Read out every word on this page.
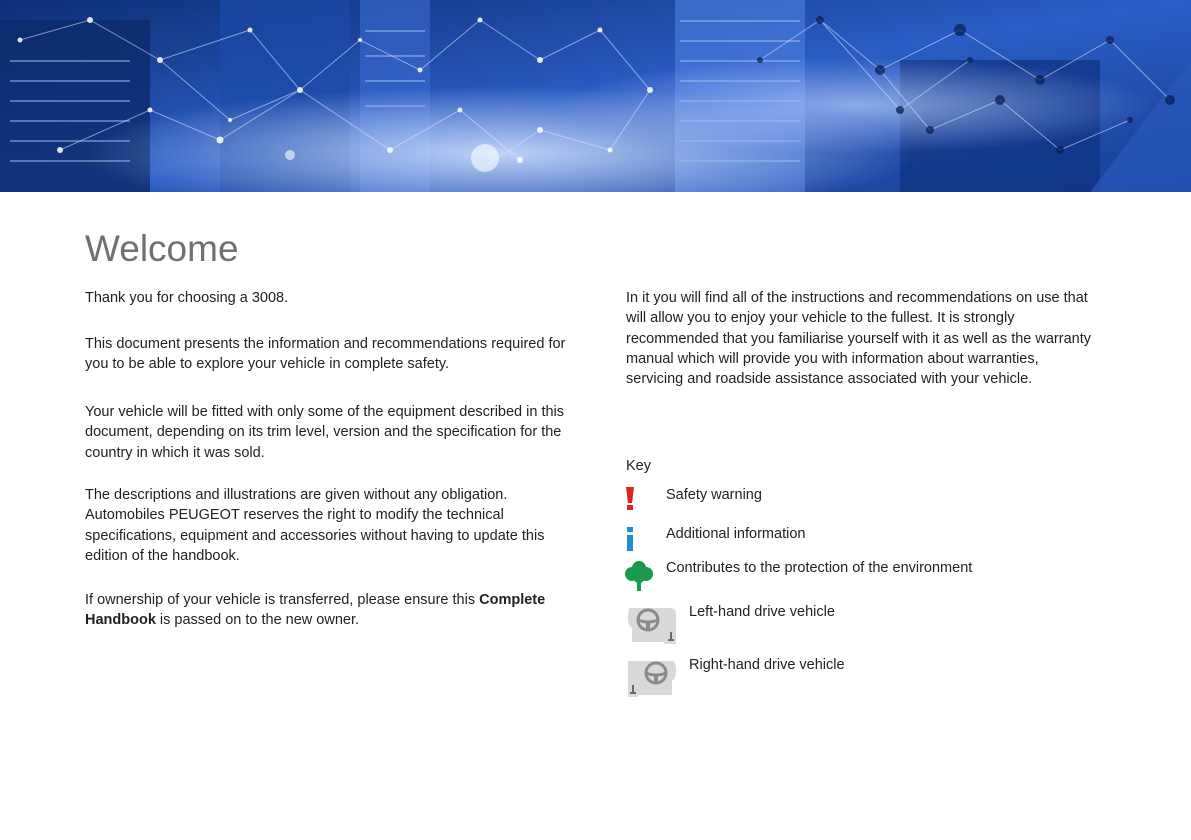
Welcome

Thank you for choosing a 3008.

This document presents the information and recommendations required for you to be able to explore your vehicle in complete safety.

Your vehicle will be fitted with only some of the equipment described in this document, depending on its trim level, version and the specification for the country in which it was sold.

The descriptions and illustrations are given without any obligation. Automobiles PEUGEOT reserves the right to modify the technical specifications, equipment and accessories without having to update this edition of the handbook.

If ownership of your vehicle is transferred, please ensure this Complete Handbook is passed on to the new owner.

In it you will find all of the instructions and recommendations on use that will allow you to enjoy your vehicle to the fullest. It is strongly recommended that you familiarise yourself with it as well as the warranty manual which will provide you with information about warranties, servicing and roadside assistance associated with your vehicle.

Key

Safety warning
Additional information
Contributes to the protection of the environment
Left-hand drive vehicle
Right-hand drive vehicle
